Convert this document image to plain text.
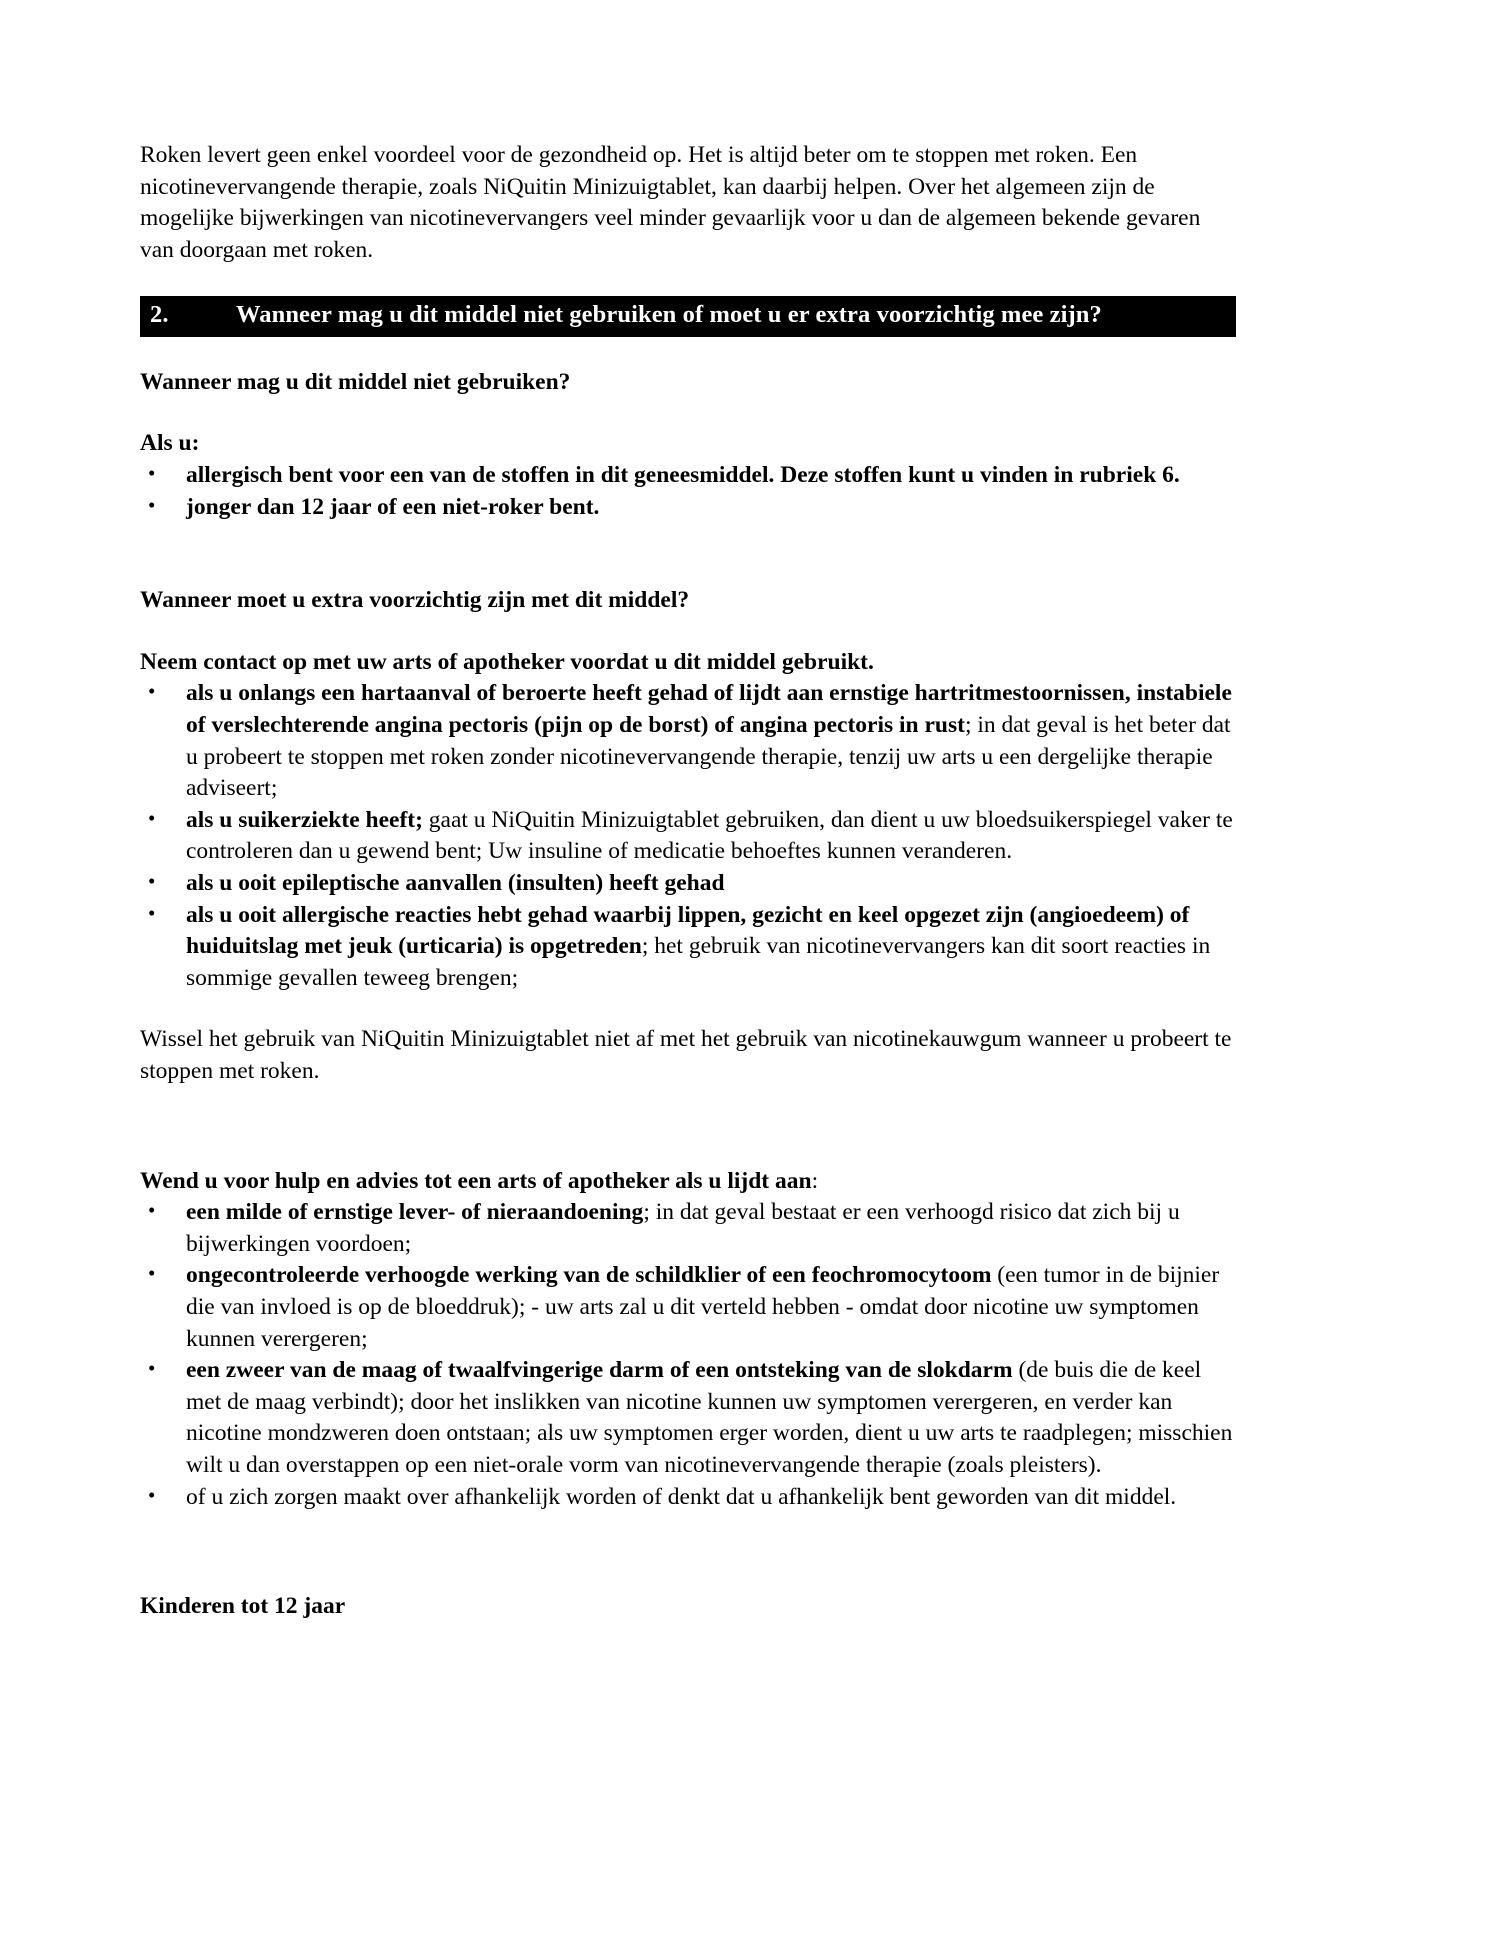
Roken levert geen enkel voordeel voor de gezondheid op. Het is altijd beter om te stoppen met roken. Een nicotinevervangende therapie, zoals NiQuitin Minizuigtablet, kan daarbij helpen. Over het algemeen zijn de mogelijke bijwerkingen van nicotinevervangers veel minder gevaarlijk voor u dan de algemeen bekende gevaren van doorgaan met roken.

2.	Wanneer mag u dit middel niet gebruiken of moet u er extra voorzichtig mee zijn?
Wanneer mag u dit middel niet gebruiken?

Als u:

• allergisch bent voor een van de stoffen in dit geneesmiddel. Deze stoffen kunt u vinden in rubriek 6.
• jonger dan 12 jaar of een niet-roker bent.
Wanneer moet u extra voorzichtig zijn met dit middel?

Neem contact op met uw arts of apotheker voordat u dit middel gebruikt.

• als u onlangs een hartaanval of beroerte heeft gehad of lijdt aan ernstige hartritmestoornissen, instabiele of verslechterende angina pectoris (pijn op de borst) of angina pectoris in rust; in dat geval is het beter dat u probeert te stoppen met roken zonder nicotinevervangende therapie, tenzij uw arts u een dergelijke therapie adviseert;
• als u suikerziekte heeft; gaat u NiQuitin Minizuigtablet gebruiken, dan dient u uw bloedsuikerspiegel vaker te controleren dan u gewend bent; Uw insuline of medicatie behoeftes kunnen veranderen.
• als u ooit epileptische aanvallen (insulten) heeft gehad
• als u ooit allergische reacties hebt gehad waarbij lippen, gezicht en keel opgezet zijn (angioedeem) of huiduitslag met jeuk (urticaria) is opgetreden; het gebruik van nicotinevervangers kan dit soort reacties in sommige gevallen teweeg brengen;

Wissel het gebruik van NiQuitin Minizuigtablet niet af met het gebruik van nicotinekauwgum wanneer u probeert te stoppen met roken.

Wend u voor hulp en advies tot een arts of apotheker als u lijdt aan:
• een milde of ernstige lever- of nieraandoening; in dat geval bestaat er een verhoogd risico dat zich bij u bijwerkingen voordoen;
• ongecontroleerde verhoogde werking van de schildklier of een feochromocytoom (een tumor in de bijnier die van invloed is op de bloeddruk); - uw arts zal u dit verteld hebben - omdat door nicotine uw symptomen kunnen verergeren;
• een zweer van de maag of twaalfvingerige darm of een ontsteking van de slokdarm (de buis die de keel met de maag verbindt); door het inslikken van nicotine kunnen uw symptomen verergeren, en verder kan nicotine mondzweren doen ontstaan; als uw symptomen erger worden, dient u uw arts te raadplegen; misschien wilt u dan overstappen op een niet-orale vorm van nicotinevervangende therapie (zoals pleisters).
• of u zich zorgen maakt over afhankelijk worden of denkt dat u afhankelijk bent geworden van dit middel.
Kinderen tot 12 jaar
